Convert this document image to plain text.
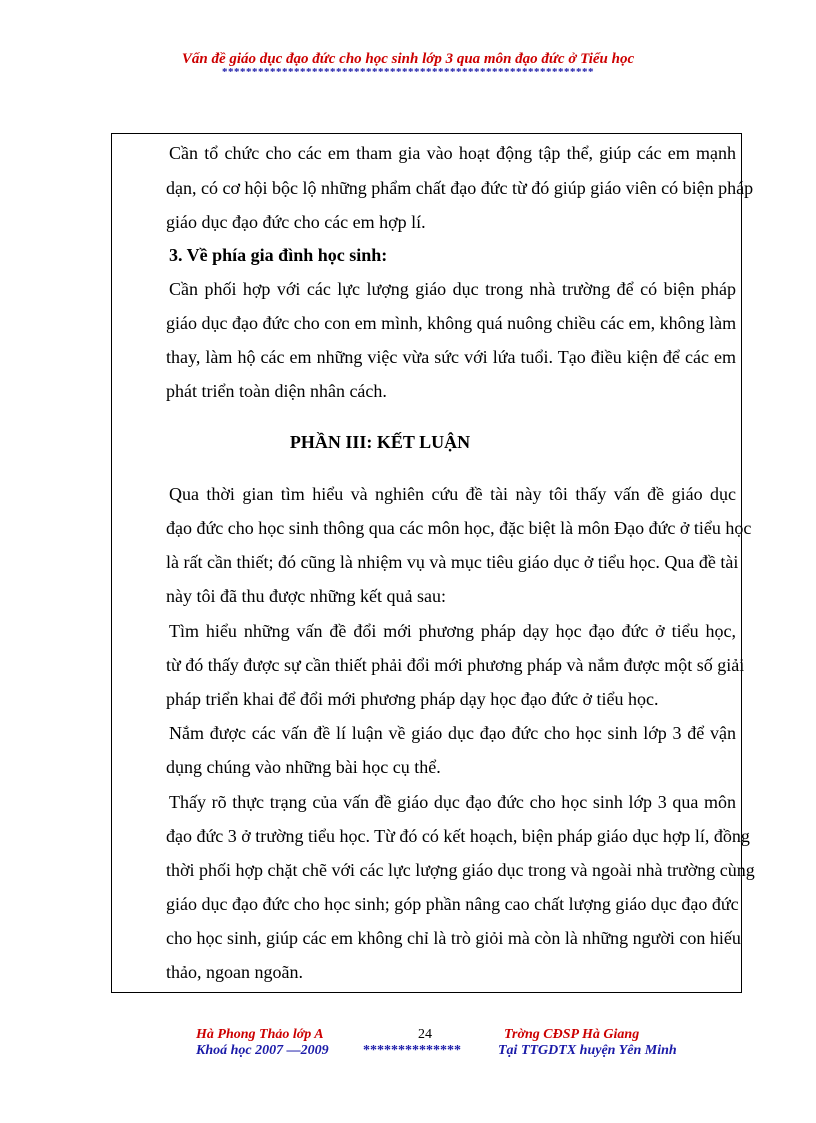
Vấn đề giáo dục đạo đức cho học sinh lớp 3 qua môn đạo đức ở Tiểu học
**************************************************************
Cần tổ chức cho các em tham gia vào hoạt động tập thể, giúp các em mạnh
dạn, có cơ hội bộc lộ những phẩm chất đạo đức từ đó giúp giáo viên có biện pháp
giáo dục đạo đức cho các em hợp lí.
3. Về phía gia đình học sinh:
Cần phối hợp với các lực lượng giáo dục trong nhà trường để có biện pháp
giáo dục đạo đức cho con em mình, không quá nuông chiều các em, không làm
thay, làm hộ các em những việc vừa sức với lứa tuổi. Tạo điều kiện để các em
phát triển toàn diện nhân cách.
PHẦN III: KẾT LUẬN
Qua thời gian tìm hiểu và nghiên cứu đề tài này tôi thấy vấn đề giáo dục
đạo đức cho học sinh thông qua các môn học, đặc biệt là môn Đạo đức ở tiểu học
là rất cần thiết; đó cũng là nhiệm vụ và mục tiêu giáo dục ở tiểu học. Qua đề tài
này tôi đã thu được những kết quả sau:
Tìm hiểu những vấn đề đổi mới phương pháp dạy học đạo đức ở tiểu học,
từ đó thấy được sự cần thiết phải đổi mới phương pháp và nắm được một số giải
pháp triển khai để đổi mới phương pháp dạy học đạo đức ở tiểu học.
Nắm được các vấn đề lí luận về giáo dục đạo đức cho học sinh lớp 3 để vận
dụng chúng vào những bài học cụ thể.
Thấy rõ thực trạng của vấn đề giáo dục đạo đức cho học sinh lớp 3 qua môn
đạo đức 3 ở trường tiểu học. Từ đó có kết hoạch, biện pháp giáo dục hợp lí, đồng
thời phối hợp chặt chẽ với các lực lượng giáo dục trong và ngoài nhà trường cùng
giáo dục đạo đức cho học sinh; góp phần nâng cao chất lượng giáo dục đạo đức
cho học sinh, giúp các em không chỉ là trò giỏi mà còn là những người con hiếu
thảo, ngoan ngoãn.
Hà Phong Thảo lớp A	24	Trờng CĐSP Hà Giang
Khoá học 2007 —2009 **************	Tại TTGDTX huyện Yên Minh
